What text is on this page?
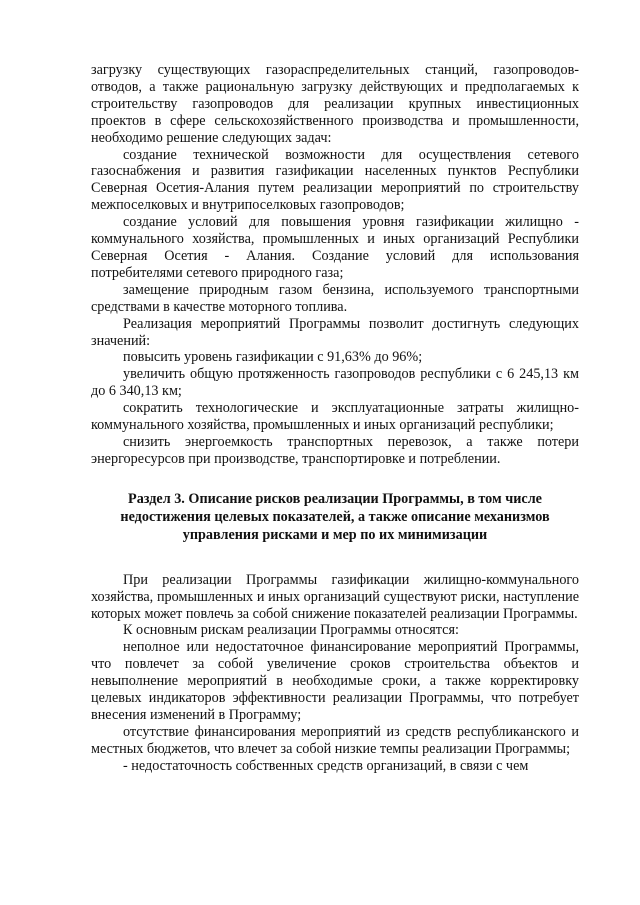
загрузку существующих газораспределительных станций, газопроводов-отводов, а также рациональную загрузку действующих и предполагаемых к строительству газопроводов для реализации крупных инвестиционных проектов в сфере сельскохозяйственного производства и промышленности, необходимо решение следующих задач:

создание технической возможности для осуществления сетевого газоснабжения и развития газификации населенных пунктов Республики Северная Осетия-Алания путем реализации мероприятий по строительству межпоселковых и внутрипоселковых газопроводов;

создание условий для повышения уровня газификации жилищно - коммунального хозяйства, промышленных и иных организаций Республики Северная Осетия - Алания. Создание условий для использования потребителями сетевого природного газа;

замещение природным газом бензина, используемого транспортными средствами в качестве моторного топлива.

Реализация мероприятий Программы позволит достигнуть следующих значений:

повысить уровень газификации с 91,63% до 96%;

увеличить общую протяженность газопроводов республики с 6 245,13 км до 6 340,13 км;

сократить технологические и эксплуатационные затраты жилищно-коммунального хозяйства, промышленных и иных организаций республики;

снизить энергоемкость транспортных перевозок, а также потери энергоресурсов при производстве, транспортировке и потреблении.

Раздел 3. Описание рисков реализации Программы, в том числе недостижения целевых показателей, а также описание механизмов управления рисками и мер по их минимизации

При реализации Программы газификации жилищно-коммунального хозяйства, промышленных и иных организаций существуют риски, наступление которых может повлечь за собой снижение показателей реализации Программы.

К основным рискам реализации Программы относятся:

неполное или недостаточное финансирование мероприятий Программы, что повлечет за собой увеличение сроков строительства объектов и невыполнение мероприятий в необходимые сроки, а также корректировку целевых индикаторов эффективности реализации Программы, что потребует внесения изменений в Программу;

отсутствие финансирования мероприятий из средств республиканского и местных бюджетов, что влечет за собой низкие темпы реализации Программы;

- недостаточность собственных средств организаций, в связи с чем
